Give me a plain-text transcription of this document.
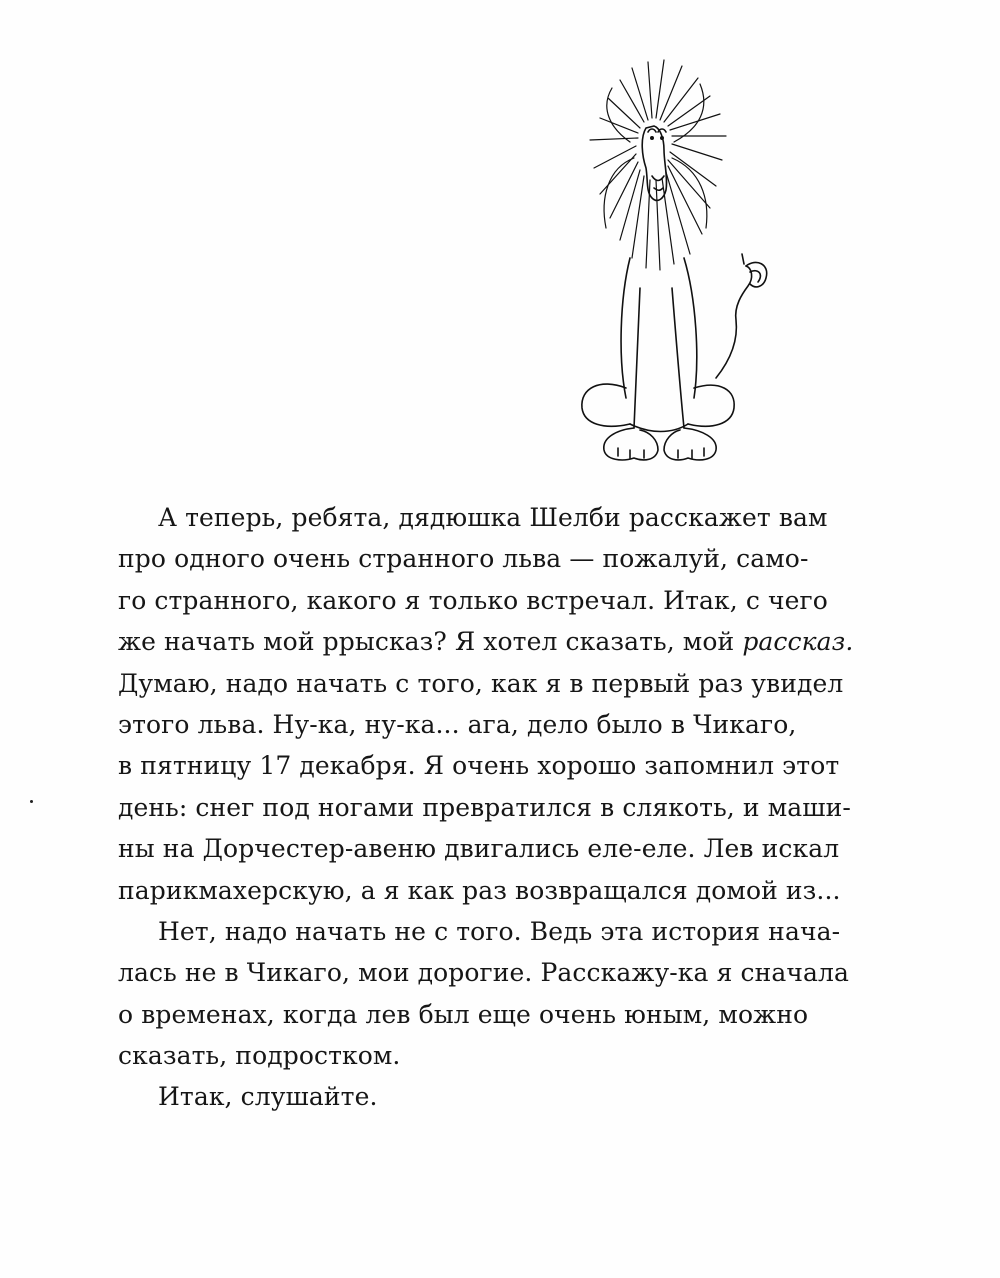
А теперь, ребята, дядюшка Шелби расскажет вам
про одного очень странного льва — пожалуй, само-
го странного, какого я только встречал. Итак, с чего
же начать мой ррысказ? Я хотел сказать, мой рассказ.
Думаю, надо начать с того, как я в первый раз увидел
этого льва. Ну-ка, ну-ка... ага, дело было в Чикаго,
в пятницу 17 декабря. Я очень хорошо запомнил этот
день: снег под ногами превратился в слякоть, и маши-
ны на Дорчестер-авеню двигались еле-еле. Лев искал
парикмахерскую, а я как раз возвращался домой из...
Нет, надо начать не с того. Ведь эта история нача-
лась не в Чикаго, мои дорогие. Расскажу-ка я сначала
о временах, когда лев был еще очень юным, можно
сказать, подростком.
Итак, слушайте.
